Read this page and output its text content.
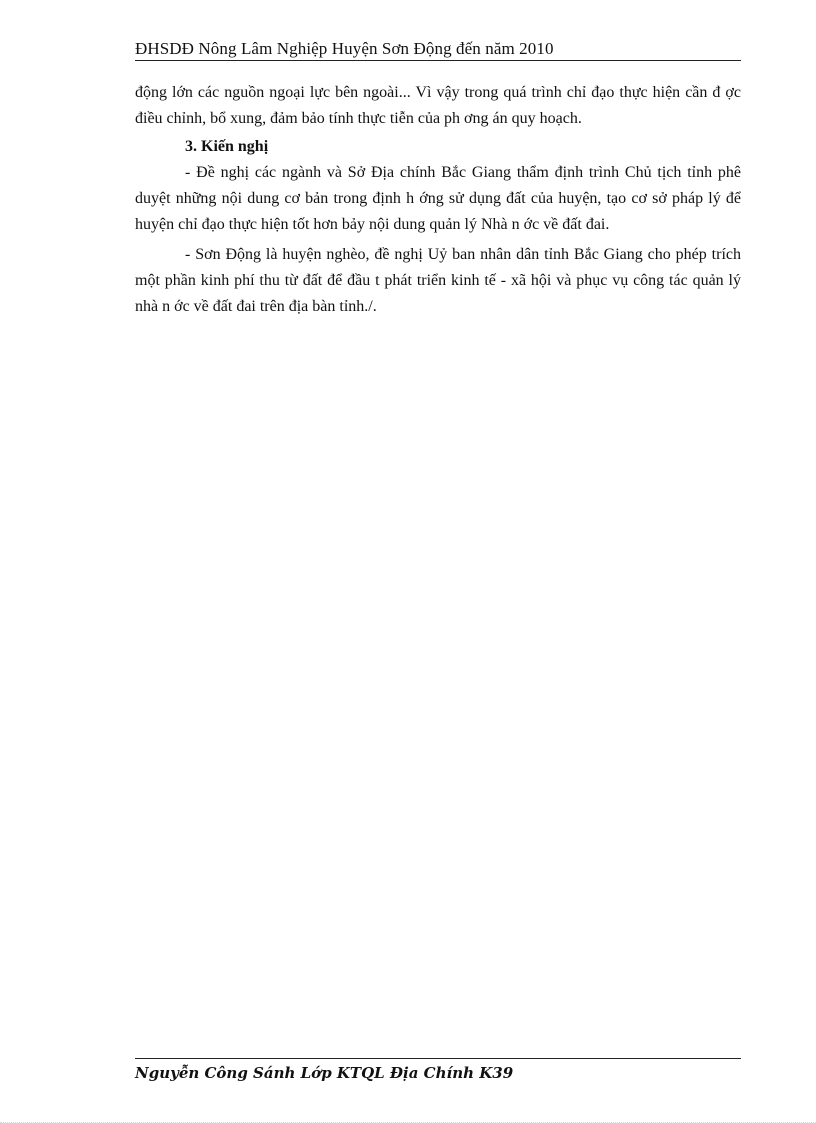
ĐHSDĐ Nông Lâm Nghiệp Huyện Sơn Động đến năm 2010

động lớn các nguồn ngoại lực bên ngoài... Vì vậy trong quá trình chỉ đạo thực hiện cần đ ợc điều chỉnh, bổ xung, đảm bảo tính thực tiễn của ph ơng án quy hoạch.

3. Kiến nghị

- Đề nghị các ngành và Sở Địa chính Bắc Giang thẩm định trình Chủ tịch tỉnh phê duyệt những nội dung cơ bản trong định h ớng sử dụng đất của huyện, tạo cơ sở pháp lý để huyện chỉ đạo thực hiện tốt hơn bảy nội dung quản lý Nhà n ớc về đất đai.

- Sơn Động là huyện nghèo, đề nghị Uỷ ban nhân dân tỉnh Bắc Giang cho phép trích một phần kinh phí thu từ đất để đầu t phát triển kinh tế - xã hội và phục vụ công tác quản lý nhà n ớc về đất đai trên địa bàn tỉnh./.

Nguyễn Công Sánh Lớp KTQL Địa Chính K39
